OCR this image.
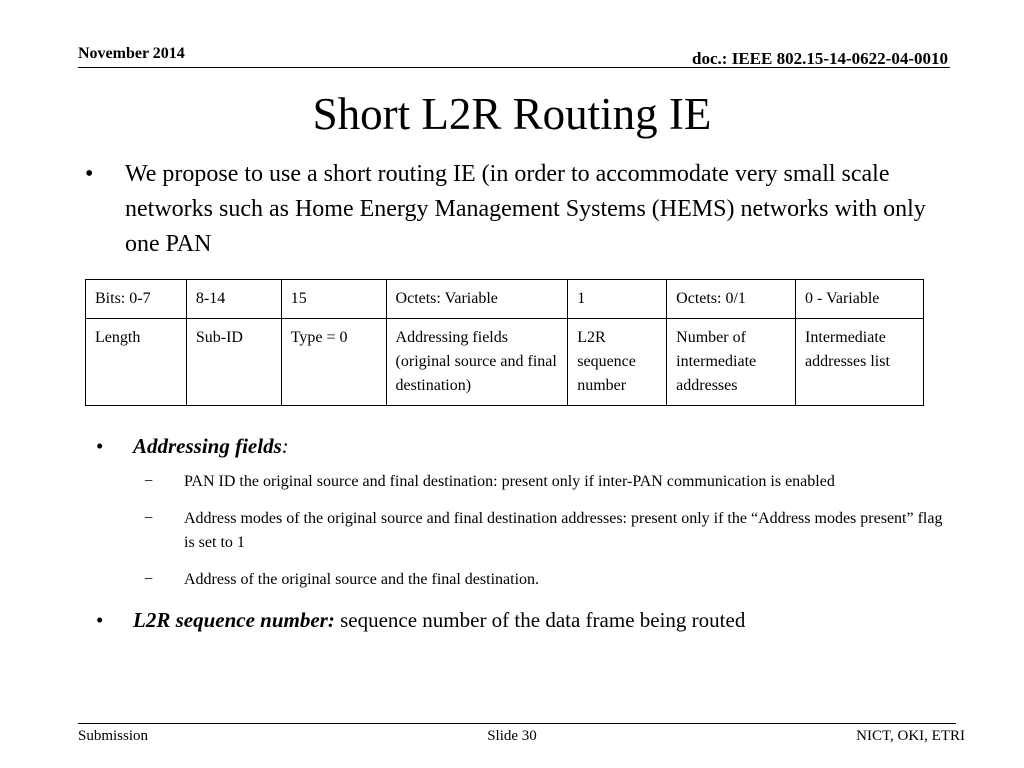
November 2014	doc.: IEEE 802.15-14-0622-04-0010
Short L2R Routing IE
• We propose to use a short routing IE (in order to accommodate very small scale networks such as Home Energy Management Systems (HEMS) networks with only one PAN
Bits: 0-7	8-14	15	Octets: Variable	1	Octets: 0/1	0 - Variable
Length	Sub-ID	Type = 0	Addressing fields (original source and final destination)	L2R sequence number	Number of intermediate addresses	Intermediate addresses list
• Addressing fields:
− PAN ID the original source and final destination: present only if inter-PAN communication is enabled
− Address modes of the original source and final destination addresses: present only if the “Address modes present” flag is set to 1
− Address of the original source and the final destination.
• L2R sequence number: sequence number of the data frame being routed
Submission	Slide 30	NICT, OKI, ETRI
